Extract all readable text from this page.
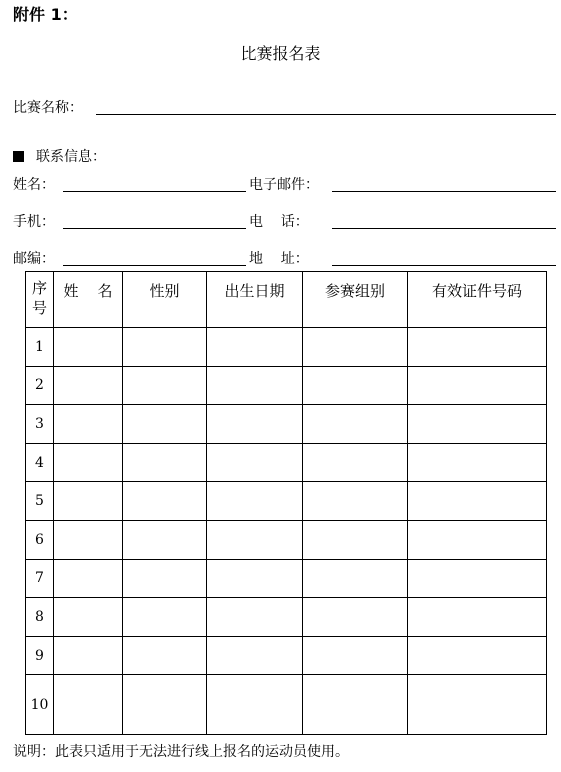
附件 1：
比赛报名表
比赛名称：
联系信息：
姓名：	电子邮件：
手机：	电    话：
邮编：	地    址：
序号	姓    名	性别	出生日期	参赛组别	有效证件号码
1					
2					
3					
4					
5					
6					
7					
8					
9					
10					
说明：此表只适用于无法进行线上报名的运动员使用。
